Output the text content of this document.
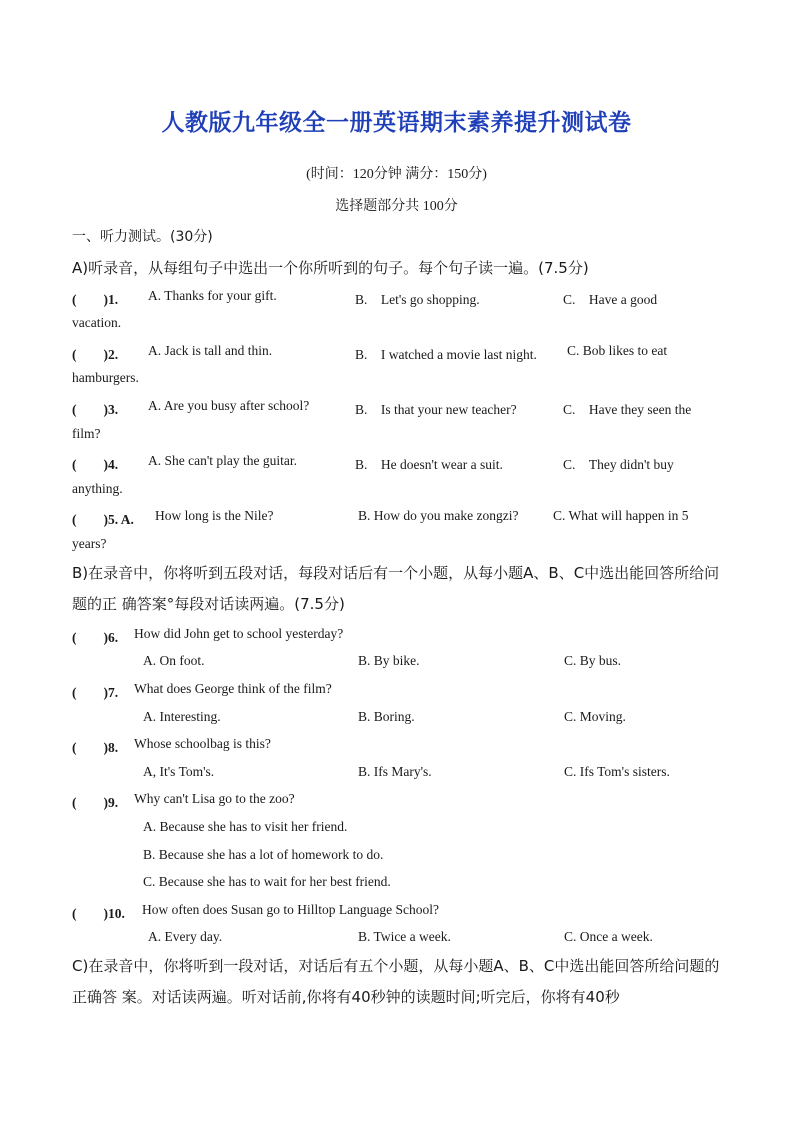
人教版九年级全一册英语期末素养提升测试卷
(时间：120分钟 满分：150分)
选择题部分共 100分
一、听力测试。(30分)
A)听录音，从每组句子中选出一个你所听到的句子。每个句子读一遍。(7.5分)
(　　)1. A. Thanks for your gift.	B.　Let's go shopping.	C.　Have a good
vacation.
(　　)2. A. Jack is tall and thin.	B.　I watched a movie last night. C. Bob likes to eat
hamburgers.
(　　)3. A. Are you busy after school?	B.　Is that your new teacher?	C.　Have they seen the
film?
(　　)4. A. She can't play the guitar.	B.　He doesn't wear a suit.	C.　They didn't buy
anything.
(　　)5. A. How long is the Nile?	B. How do you make zongzi?	C. What will happen in 5
years?
B)在录音中，你将听到五段对话，每段对话后有一个小题，从每小题A、B、C中选出能回答所给问题的正 确答案°每段对话读两遍。(7.5分)
(　　)6. How did John get to school yesterday?
A. On foot.	B. By bike.	C. By bus.
(　　)7. What does George think of the film?
A. Interesting.	B. Boring.	C. Moving.
(　　)8. Whose schoolbag is this?
A, It's Tom's.	B. Ifs Mary's.	C. Ifs Tom's sisters.
(　　)9. Why can't Lisa go to the zoo?
A. Because she has to visit her friend.
B. Because she has a lot of homework to do.
C. Because she has to wait for her best friend.
(　　)10. How often does Susan go to Hilltop Language School?
A. Every day.	B. Twice a week.	C. Once a week.
C)在录音中，你将听到一段对话，对话后有五个小题，从每小题A、B、C中选出能回答所给问题的正确答 案。对话读两遍。听对话前,你将有40秒钟的读题时间;听完后，你将有40秒
